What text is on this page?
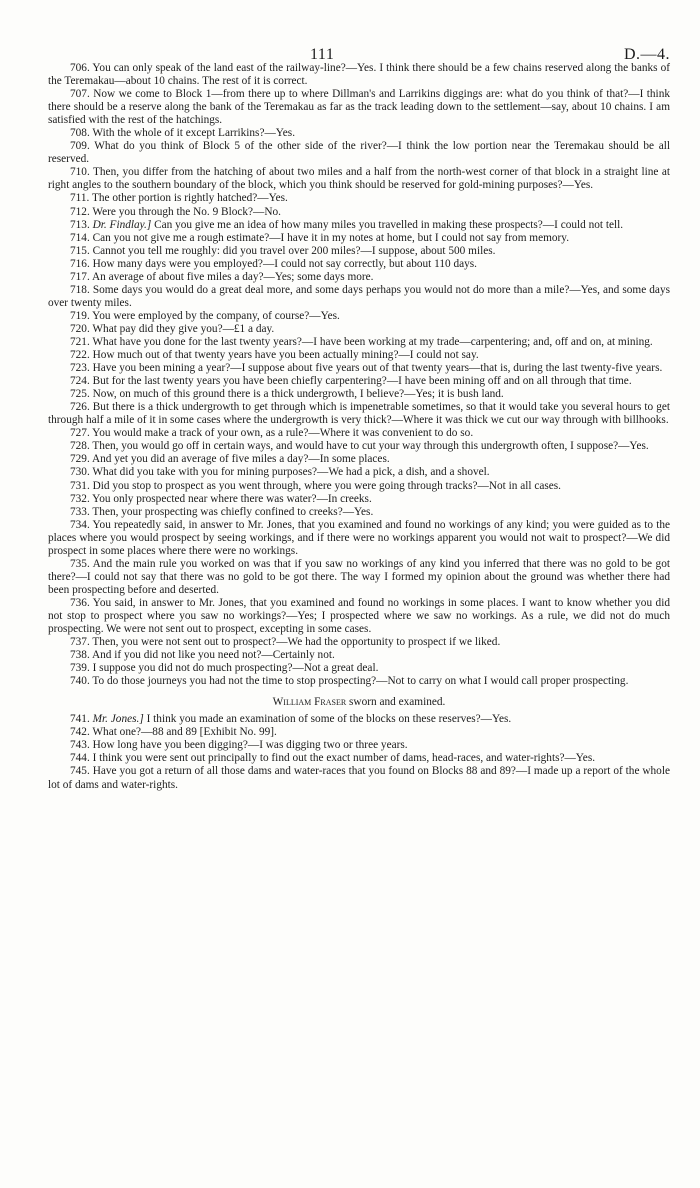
111	D.—4.

706. You can only speak of the land east of the railway-line?—Yes. I think there should be a few chains reserved along the banks of the Teremakau—about 10 chains. The rest of it is correct.

707. Now we come to Block 1—from there up to where Dillman's and Larrikins diggings are: what do you think of that?—I think there should be a reserve along the bank of the Teremakau as far as the track leading down to the settlement—say, about 10 chains. I am satisfied with the rest of the hatchings.

708. With the whole of it except Larrikins?—Yes.

709. What do you think of Block 5 of the other side of the river?—I think the low portion near the Teremakau should be all reserved.

710. Then, you differ from the hatching of about two miles and a half from the north-west corner of that block in a straight line at right angles to the southern boundary of the block, which you think should be reserved for gold-mining purposes?—Yes.

711. The other portion is rightly hatched?—Yes.

712. Were you through the No. 9 Block?—No.

713. Dr. Findlay.] Can you give me an idea of how many miles you travelled in making these prospects?—I could not tell.

714. Can you not give me a rough estimate?—I have it in my notes at home, but I could not say from memory.

715. Cannot you tell me roughly: did you travel over 200 miles?—I suppose, about 500 miles.

716. How many days were you employed?—I could not say correctly, but about 110 days.

717. An average of about five miles a day?—Yes; some days more.

718. Some days you would do a great deal more, and some days perhaps you would not do more than a mile?—Yes, and some days over twenty miles.

719. You were employed by the company, of course?—Yes.

720. What pay did they give you?—£1 a day.

721. What have you done for the last twenty years?—I have been working at my trade—carpentering; and, off and on, at mining.

722. How much out of that twenty years have you been actually mining?—I could not say.

723. Have you been mining a year?—I suppose about five years out of that twenty years—that is, during the last twenty-five years.

724. But for the last twenty years you have been chiefly carpentering?—I have been mining off and on all through that time.

725. Now, on much of this ground there is a thick undergrowth, I believe?—Yes; it is bush land.

726. But there is a thick undergrowth to get through which is impenetrable sometimes, so that it would take you several hours to get through half a mile of it in some cases where the undergrowth is very thick?—Where it was thick we cut our way through with billhooks.

727. You would make a track of your own, as a rule?—Where it was convenient to do so.

728. Then, you would go off in certain ways, and would have to cut your way through this undergrowth often, I suppose?—Yes.

729. And yet you did an average of five miles a day?—In some places.

730. What did you take with you for mining purposes?—We had a pick, a dish, and a shovel.

731. Did you stop to prospect as you went through, where you were going through tracks?—Not in all cases.

732. You only prospected near where there was water?—In creeks.

733. Then, your prospecting was chiefly confined to creeks?—Yes.

734. You repeatedly said, in answer to Mr. Jones, that you examined and found no workings of any kind; you were guided as to the places where you would prospect by seeing workings, and if there were no workings apparent you would not wait to prospect?—We did prospect in some places where there were no workings.

735. And the main rule you worked on was that if you saw no workings of any kind you inferred that there was no gold to be got there?—I could not say that there was no gold to be got there. The way I formed my opinion about the ground was whether there had been prospecting before and deserted.

736. You said, in answer to Mr. Jones, that you examined and found no workings in some places. I want to know whether you did not stop to prospect where you saw no workings?—Yes; I prospected where we saw no workings. As a rule, we did not do much prospecting. We were not sent out to prospect, excepting in some cases.

737. Then, you were not sent out to prospect?—We had the opportunity to prospect if we liked.

738. And if you did not like you need not?—Certainly not.

739. I suppose you did not do much prospecting?—Not a great deal.

740. To do those journeys you had not the time to stop prospecting?—Not to carry on what I would call proper prospecting.

William Fraser sworn and examined.

741. Mr. Jones.] I think you made an examination of some of the blocks on these reserves?—Yes.

742. What one?—88 and 89 [Exhibit No. 99].

743. How long have you been digging?—I was digging two or three years.

744. I think you were sent out principally to find out the exact number of dams, head-races, and water-rights?—Yes.

745. Have you got a return of all those dams and water-races that you found on Blocks 88 and 89?—I made up a report of the whole lot of dams and water-rights.
